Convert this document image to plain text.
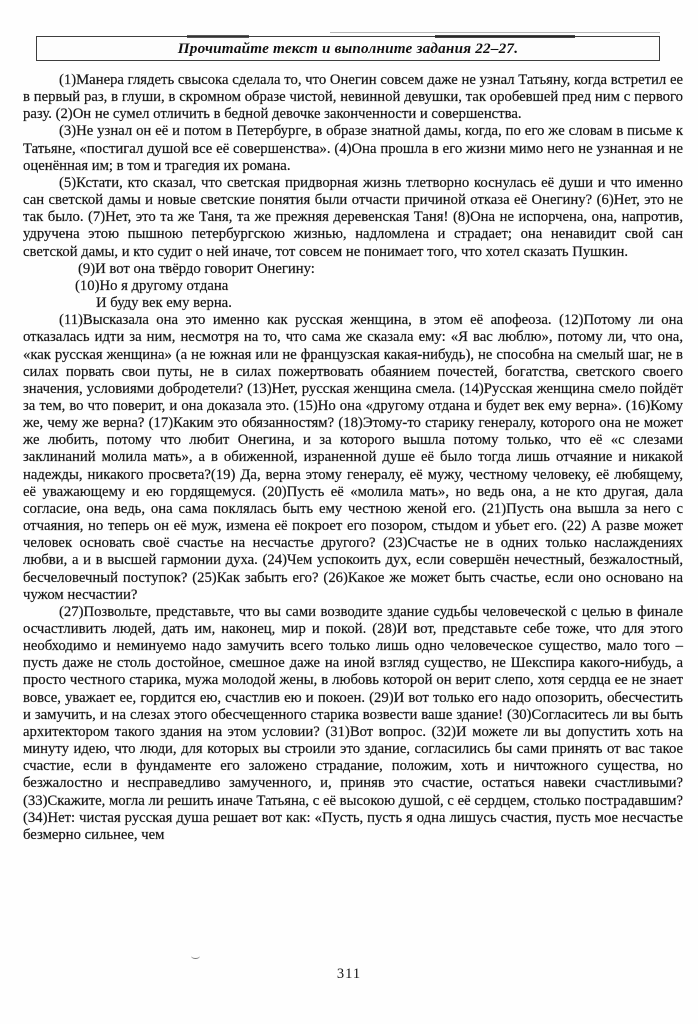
Прочитайте текст и выполните задания 22–27.

(1)Манера глядеть свысока сделала то, что Онегин совсем даже не узнал Татьяну, когда встретил ее в первый раз, в глуши, в скромном образе чистой, невинной девушки, так оробевшей пред ним с первого разу. (2)Он не сумел отличить в бедной девочке законченности и совершенства.

(3)Не узнал он её и потом в Петербурге, в образе знатной дамы, когда, по его же словам в письме к Татьяне, «постигал душой все её совершенства». (4)Она прошла в его жизни мимо него не узнанная и не оценённая им; в том и трагедия их романа.

(5)Кстати, кто сказал, что светская придворная жизнь тлетворно коснулась её души и что именно сан светской дамы и новые светские понятия были отчасти причиной отказа её Онегину? (6)Нет, это не так было. (7)Нет, это та же Таня, та же прежняя деревенская Таня! (8)Она не испорчена, она, напротив, удручена этою пышною петербургскою жизнью, надломлена и страдает; она ненавидит свой сан светской дамы, и кто судит о ней иначе, тот совсем не понимает того, что хотел сказать Пушкин.

(9)И вот она твёрдо говорит Онегину:

(10)Но я другому отдана

И буду век ему верна.

(11)Высказала она это именно как русская женщина, в этом её апофеоза. (12)Потому ли она отказалась идти за ним, несмотря на то, что сама же сказала ему: «Я вас люблю», потому ли, что она, «как русская женщина» (а не южная или не французская какая-нибудь), не способна на смелый шаг, не в силах порвать свои путы, не в силах пожертвовать обаянием почестей, богатства, светского своего значения, условиями добродетели? (13)Нет, русская женщина смела. (14)Русская женщина смело пойдёт за тем, во что поверит, и она доказала это. (15)Но она «другому отдана и будет век ему верна». (16)Кому же, чему же верна? (17)Каким это обязанностям? (18)Этому-то старику генералу, которого она не может же любить, потому что любит Онегина, и за которого вышла потому только, что её «с слезами заклинаний молила мать», а в обиженной, израненной душе её было тогда лишь отчаяние и никакой надежды, никакого просвета?(19) Да, верна этому генералу, её мужу, честному человеку, её любящему, её уважающему и ею гордящемуся. (20)Пусть её «молила мать», но ведь она, а не кто другая, дала согласие, она ведь, она сама поклялась быть ему честною женой его. (21)Пусть она вышла за него с отчаяния, но теперь он её муж, измена её покроет его позором, стыдом и убьет его. (22) А разве может человек основать своё счастье на несчастье другого? (23)Счастье не в одних только наслаждениях любви, а и в высшей гармонии духа. (24)Чем успокоить дух, если совершён нечестный, безжалостный, бесчеловечный поступок? (25)Как забыть его? (26)Какое же может быть счастье, если оно основано на чужом несчастии?

(27)Позвольте, представьте, что вы сами возводите здание судьбы человеческой с целью в финале осчастливить людей, дать им, наконец, мир и покой. (28)И вот, представьте себе тоже, что для этого необходимо и неминуемо надо замучить всего только лишь одно человеческое существо, мало того – пусть даже не столь достойное, смешное даже на иной взгляд существо, не Шекспира какого-нибудь, а просто честного старика, мужа молодой жены, в любовь которой он верит слепо, хотя сердца ее не знает вовсе, уважает ее, гордится ею, счастлив ею и покоен. (29)И вот только его надо опозорить, обесчестить и замучить, и на слезах этого обесчещенного старика возвести ваше здание! (30)Согласитесь ли вы быть архитектором такого здания на этом условии? (31)Вот вопрос. (32)И можете ли вы допустить хоть на минуту идею, что люди, для которых вы строили это здание, согласились бы сами принять от вас такое счастие, если в фундаменте его заложено страдание, положим, хоть и ничтожного существа, но безжалостно и несправедливо замученного, и, приняв это счастие, остаться навеки счастливыми? (33)Скажите, могла ли решить иначе Татьяна, с её высокою душой, с её сердцем, столько пострадавшим? (34)Нет: чистая русская душа решает вот как: «Пусть, пусть я одна лишусь счастия, пусть мое несчастье безмерно сильнее, чем

311
